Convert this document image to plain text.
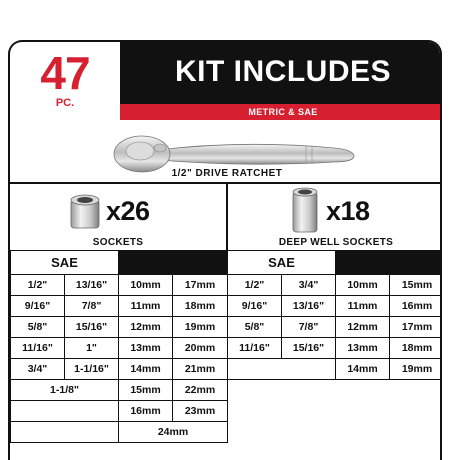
47
PC.
KIT INCLUDES
METRIC & SAE
1/2" DRIVE RATCHET
x26
SOCKETS
x18
DEEP WELL SOCKETS
SAE		METRIC	
1/2"	13/16"	10mm	17mm
9/16"	7/8"	11mm	18mm
5/8"	15/16"	12mm	19mm
11/16"	1"	13mm	20mm
3/4"	1-1/16"	14mm	21mm
1-1/8"		15mm	22mm
		16mm	23mm
		24mm	
SAE		METRIC	
1/2"	3/4"	10mm	15mm
9/16"	13/16"	11mm	16mm
5/8"	7/8"	12mm	17mm
11/16"	15/16"	13mm	18mm
		14mm	19mm
